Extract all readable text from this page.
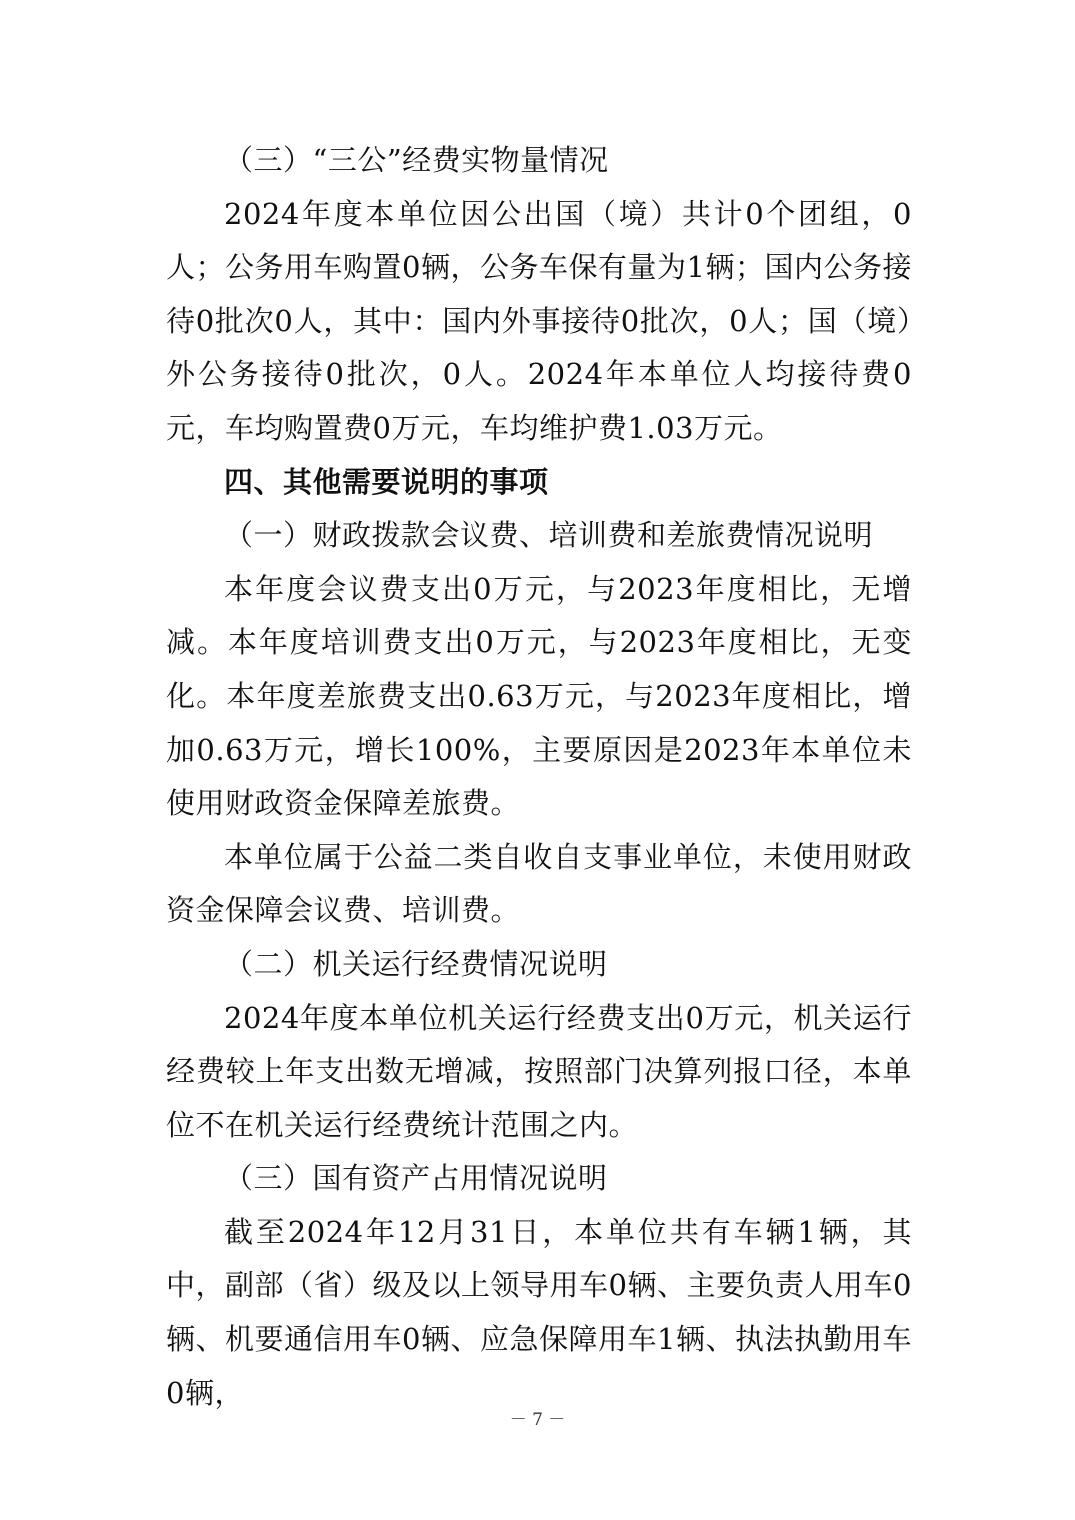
（三）“三公”经费实物量情况

2024年度本单位因公出国（境）共计0个团组，0人；公务用车购置0辆，公务车保有量为1辆；国内公务接待0批次0人，其中：国内外事接待0批次，0人；国（境）外公务接待0批次，0人。2024年本单位人均接待费0元，车均购置费0万元，车均维护费1.03万元。

四、其他需要说明的事项

（一）财政拨款会议费、培训费和差旅费情况说明

本年度会议费支出0万元，与2023年度相比，无增减。本年度培训费支出0万元，与2023年度相比，无变化。本年度差旅费支出0.63万元，与2023年度相比，增加0.63万元，增长100%，主要原因是2023年本单位未使用财政资金保障差旅费。

本单位属于公益二类自收自支事业单位，未使用财政资金保障会议费、培训费。

（二）机关运行经费情况说明

2024年度本单位机关运行经费支出0万元，机关运行经费较上年支出数无增减，按照部门决算列报口径，本单位不在机关运行经费统计范围之内。

（三）国有资产占用情况说明

截至2024年12月31日，本单位共有车辆1辆，其中，副部（省）级及以上领导用车0辆、主要负责人用车0辆、机要通信用车0辆、应急保障用车1辆、执法执勤用车0辆，

－ 7 －
